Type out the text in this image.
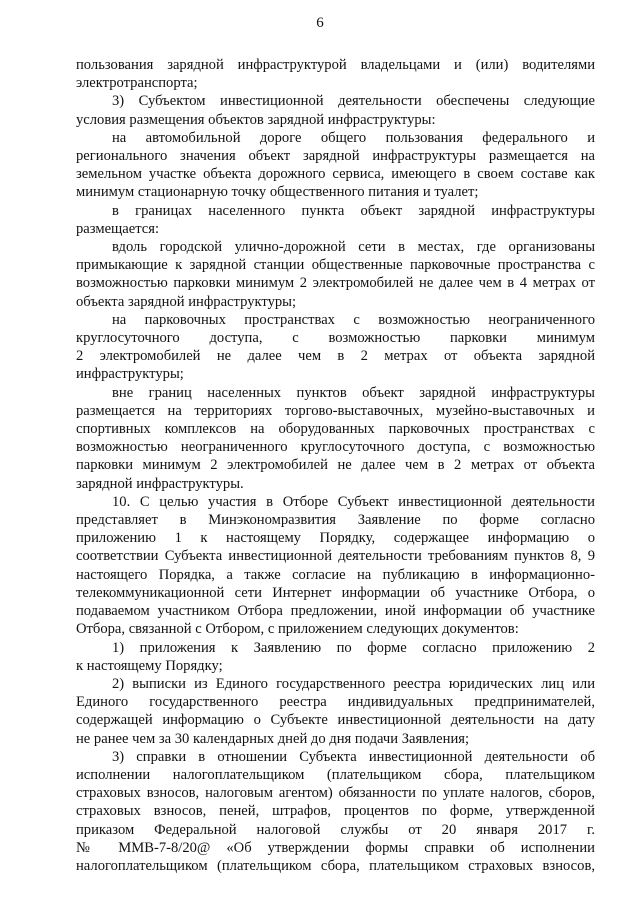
6
пользования зарядной инфраструктурой владельцами и (или) водителями
электротранспорта;
3) Субъектом инвестиционной деятельности обеспечены следующие
условия размещения объектов зарядной инфраструктуры:
на автомобильной дороге общего пользования федерального и
регионального значения объект зарядной инфраструктуры размещается на
земельном участке объекта дорожного сервиса, имеющего в своем составе как
минимум стационарную точку общественного питания и туалет;
в границах населенного пункта объект зарядной инфраструктуры
размещается:
вдоль городской улично-дорожной сети в местах, где организованы
примыкающие к зарядной станции общественные парковочные пространства с
возможностью парковки минимум 2 электромобилей не далее чем в 4 метрах от
объекта зарядной инфраструктуры;
на парковочных пространствах с возможностью неограниченного
круглосуточного доступа, с возможностью парковки минимум
2 электромобилей не далее чем в 2 метрах от объекта зарядной
инфраструктуры;
вне границ населенных пунктов объект зарядной инфраструктуры
размещается на территориях торгово-выставочных, музейно-выставочных и
спортивных комплексов на оборудованных парковочных пространствах с
возможностью неограниченного круглосуточного доступа, с возможностью
парковки минимум 2 электромобилей не далее чем в 2 метрах от объекта
зарядной инфраструктуры.
10. С целью участия в Отборе Субъект инвестиционной деятельности
представляет в Минэкономразвития Заявление по форме согласно
приложению 1 к настоящему Порядку, содержащее информацию о
соответствии Субъекта инвестиционной деятельности требованиям пунктов 8, 9
настоящего Порядка, а также согласие на публикацию в информационно-
телекоммуникационной сети Интернет информации об участнике Отбора, о
подаваемом участником Отбора предложении, иной информации об участнике
Отбора, связанной с Отбором, с приложением следующих документов:
1) приложения к Заявлению по форме согласно приложению 2
к настоящему Порядку;
2) выписки из Единого государственного реестра юридических лиц или
Единого государственного реестра индивидуальных предпринимателей,
содержащей информацию о Субъекте инвестиционной деятельности на дату
не ранее чем за 30 календарных дней до дня подачи Заявления;
3) справки в отношении Субъекта инвестиционной деятельности об
исполнении налогоплательщиком (плательщиком сбора, плательщиком
страховых взносов, налоговым агентом) обязанности по уплате налогов, сборов,
страховых взносов, пеней, штрафов, процентов по форме, утвержденной
приказом Федеральной налоговой службы от 20 января 2017 г.
№ ММВ-7-8/20@ «Об утверждении формы справки об исполнении
налогоплательщиком (плательщиком сбора, плательщиком страховых взносов,
